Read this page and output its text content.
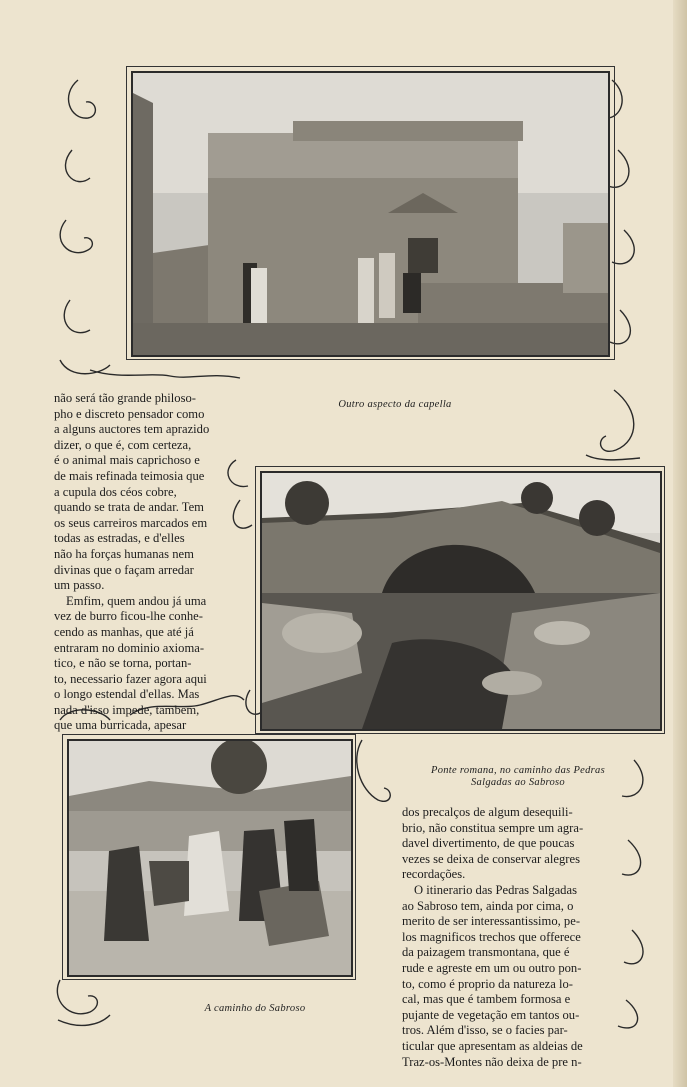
Outro aspecto da capella
Ponte romana, no caminho das Pedras
Salgadas ao Sabroso
A caminho do Sabroso
não será tão grande philoso-
pho e discreto pensador como
a alguns auctores tem aprazido
dizer, o que é, com certeza,
é o animal mais caprichoso e
de mais refinada teimosia que
a cupula dos céos cobre,
quando se trata de andar. Tem
os seus carreiros marcados em
todas as estradas, e d'elles
não ha forças humanas nem
divinas que o façam arredar
um passo.
Emfim, quem andou já uma
vez de burro ficou-lhe conhe-
cendo as manhas, que até já
entraram no dominio axioma-
tico, e não se torna, portan-
to, necessario fazer agora aqui
o longo estendal d'ellas. Mas
nada d'isso impede, tambem,
que uma burricada, apesar
dos precalços de algum desequili-
brio, não constitua sempre um agra-
davel divertimento, de que poucas
vezes se deixa de conservar alegres
recordações.
O itinerario das Pedras Salgadas
ao Sabroso tem, ainda por cima, o
merito de ser interessantissimo, pe-
los magnificos trechos que offerece
da paizagem transmontana, que é
rude e agreste em um ou outro pon-
to, como é proprio da natureza lo-
cal, mas que é tambem formosa e
pujante de vegetação em tantos ou-
tros. Além d'isso, se o facies par-
ticular que apresentam as aldeias de
Traz-os-Montes não deixa de pre n-
